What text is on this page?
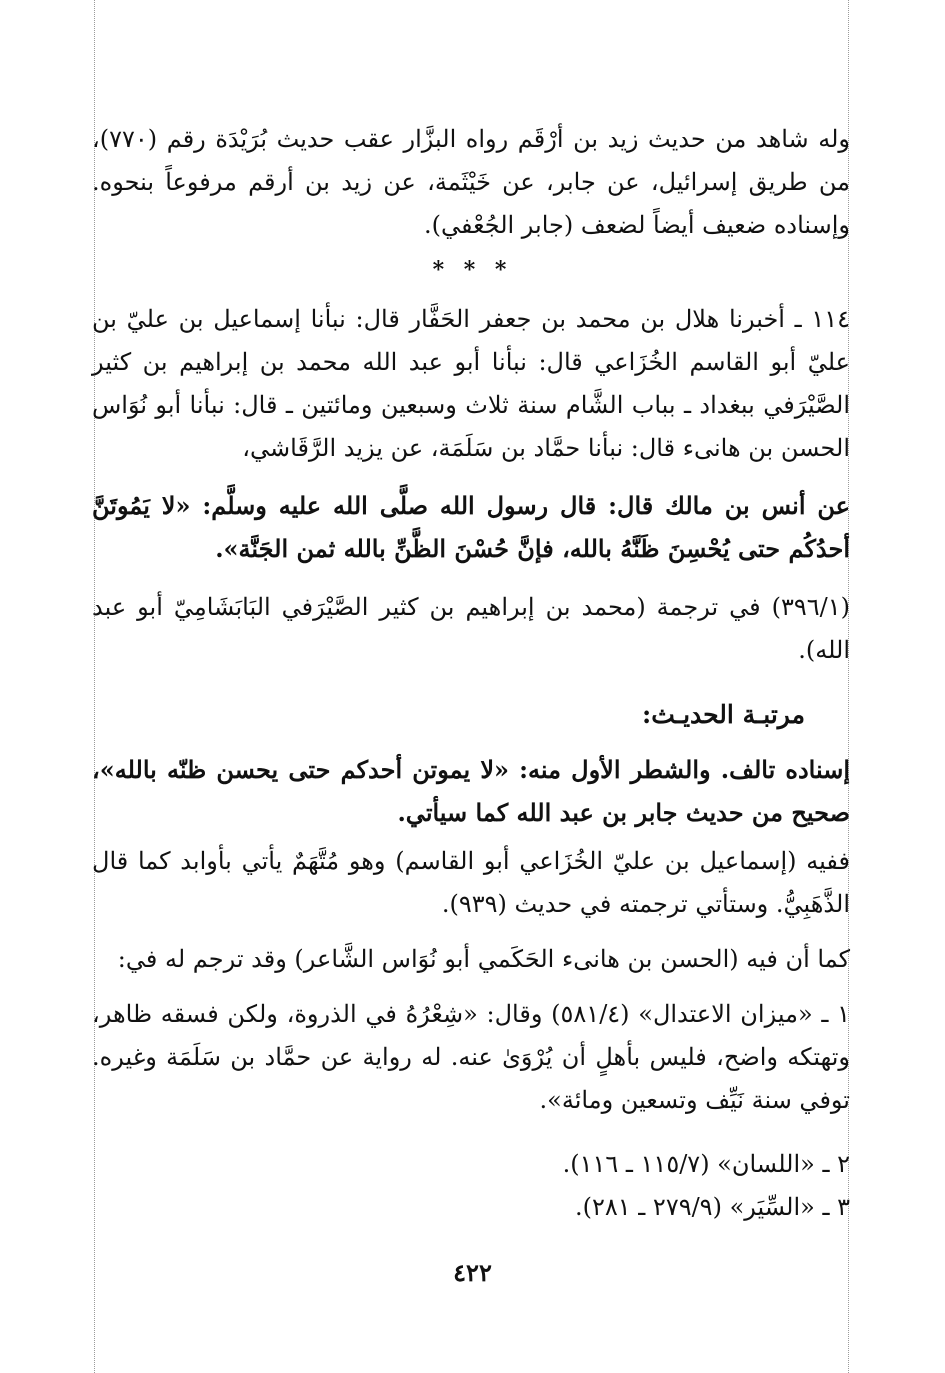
وله شاهد من حديث زيد بن أرْقَم رواه البزَّار عقب حديث بُرَيْدَة رقم (٧٧٠)، من طريق إسرائيل، عن جابر، عن خَيْثَمة، عن زيد بن أرقم مرفوعاً بنحوه. وإسناده ضعيف أيضاً لضعف (جابر الجُعْفي).

* * *

١١٤ ـ أخبرنا هلال بن محمد بن جعفر الحَفَّار قال: نبأنا إسماعيل بن عليّ بن عليّ أبو القاسم الخُزَاعي قال: نبأنا أبو عبد الله محمد بن إبراهيم بن كثير الصَّيْرَفي ببغداد ـ بباب الشَّام سنة ثلاث وسبعين ومائتين ـ قال: نبأنا أبو نُوَاس الحسن بن هانىء قال: نبأنا حمَّاد بن سَلَمَة، عن يزيد الرَّقَاشي،

عن أنس بن مالك قال: قال رسول الله صلَّى الله عليه وسلَّم: «لا يَمُوتَنَّ أحدُكُم حتى يُحْسِنَ ظَنَّهُ بالله، فإنَّ حُسْنَ الظَّنِّ بالله ثمن الجَنَّة».

(٣٩٦/١) في ترجمة (محمد بن إبراهيم بن كثير الصَّيْرَفي البَابَشَامِيّ أبو عبد الله).

مرتبـة الحديـث:

إسناده تالف. والشطر الأول منه: «لا يموتن أحدكم حتى يحسن ظنّه بالله»، صحيح من حديث جابر بن عبد الله كما سيأتي.

ففيه (إسماعيل بن عليّ الخُزَاعي أبو القاسم) وهو مُتَّهَمٌ يأتي بأوابد كما قال الذَّهَبِيُّ. وستأتي ترجمته في حديث (٩٣٩).

كما أن فيه (الحسن بن هانىء الحَكَمي أبو نُوَاس الشَّاعر) وقد ترجم له في:

١ ـ «ميزان الاعتدال» (٥٨١/٤) وقال: «شِعْرُهُ في الذروة، ولكن فسقه ظاهر، وتهتكه واضح، فليس بأهلٍ أن يُرْوَىٰ عنه. له رواية عن حمَّاد بن سَلَمَة وغيره. توفي سنة نَيِّف وتسعين ومائة».

٢ ـ «اللسان» (١١٥/٧ ـ ١١٦).

٣ ـ «السِّيَر» (٢٧٩/٩ ـ ٢٨١).

٤٢٢
